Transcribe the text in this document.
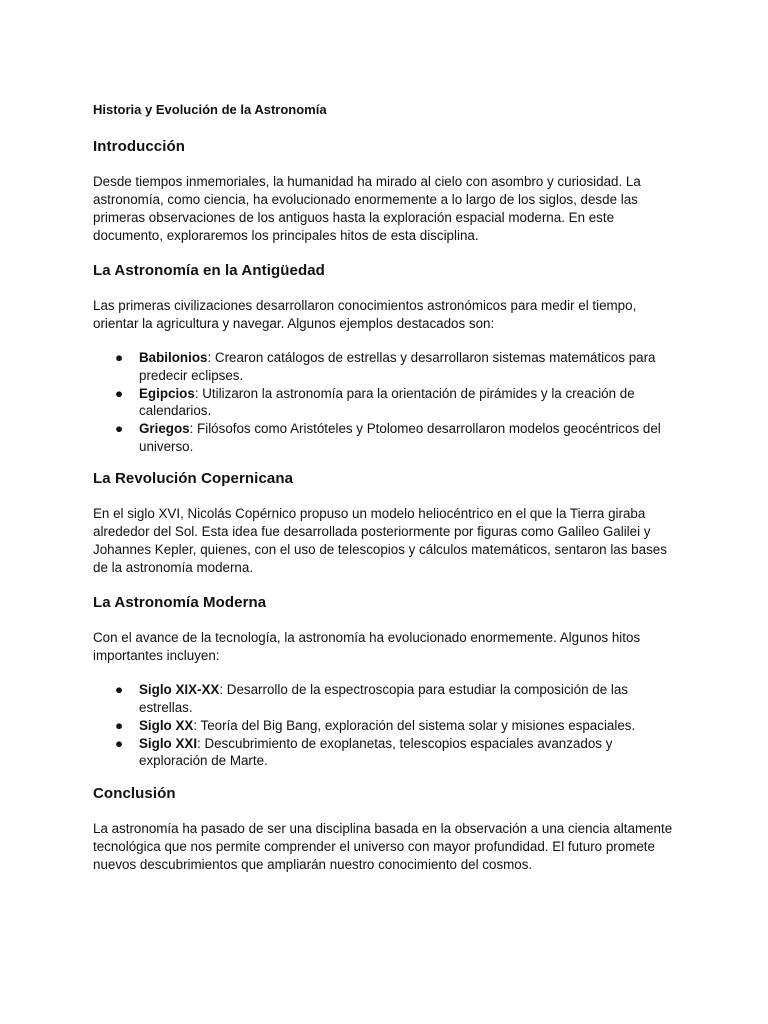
Historia y Evolución de la Astronomía
Introducción

Desde tiempos inmemoriales, la humanidad ha mirado al cielo con asombro y curiosidad. La astronomía, como ciencia, ha evolucionado enormemente a lo largo de los siglos, desde las primeras observaciones de los antiguos hasta la exploración espacial moderna. En este documento, exploraremos los principales hitos de esta disciplina.

La Astronomía en la Antigüedad

Las primeras civilizaciones desarrollaron conocimientos astronómicos para medir el tiempo, orientar la agricultura y navegar. Algunos ejemplos destacados son:

● Babilonios: Crearon catálogos de estrellas y desarrollaron sistemas matemáticos para predecir eclipses.
● Egipcios: Utilizaron la astronomía para la orientación de pirámides y la creación de calendarios.
● Griegos: Filósofos como Aristóteles y Ptolomeo desarrollaron modelos geocéntricos del universo.
La Revolución Copernicana

En el siglo XVI, Nicolás Copérnico propuso un modelo heliocéntrico en el que la Tierra giraba alrededor del Sol. Esta idea fue desarrollada posteriormente por figuras como Galileo Galilei y Johannes Kepler, quienes, con el uso de telescopios y cálculos matemáticos, sentaron las bases de la astronomía moderna.

La Astronomía Moderna

Con el avance de la tecnología, la astronomía ha evolucionado enormemente. Algunos hitos importantes incluyen:

● Siglo XIX-XX: Desarrollo de la espectroscopia para estudiar la composición de las estrellas.
● Siglo XX: Teoría del Big Bang, exploración del sistema solar y misiones espaciales.
● Siglo XXI: Descubrimiento de exoplanetas, telescopios espaciales avanzados y exploración de Marte.
Conclusión

La astronomía ha pasado de ser una disciplina basada en la observación a una ciencia altamente tecnológica que nos permite comprender el universo con mayor profundidad. El futuro promete nuevos descubrimientos que ampliarán nuestro conocimiento del cosmos.
